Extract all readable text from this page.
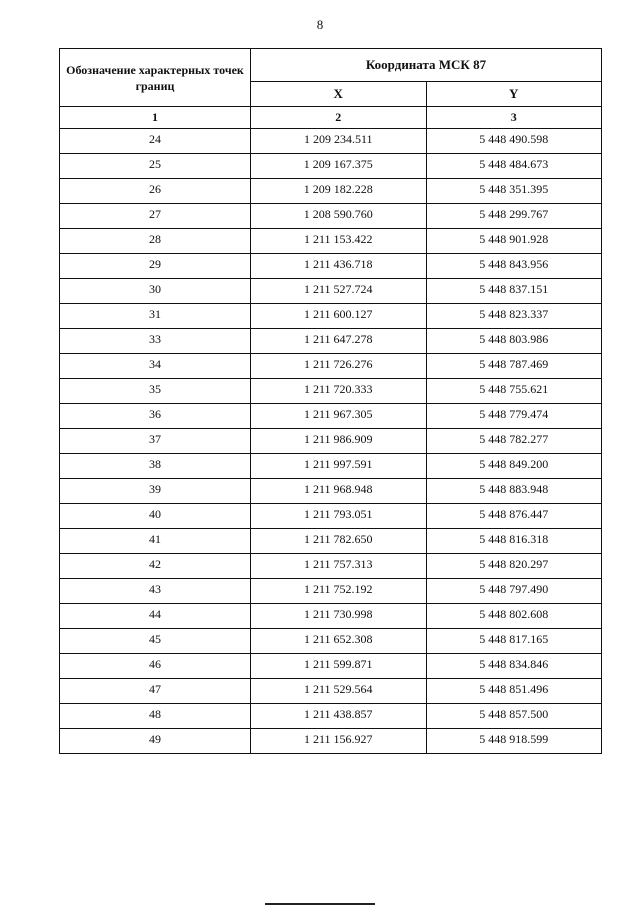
8
Обозначение характерных точек границ	Координата МСК 87	
	X	Y
1	2	3
24	1 209 234.511	5 448 490.598
25	1 209 167.375	5 448 484.673
26	1 209 182.228	5 448 351.395
27	1 208 590.760	5 448 299.767
28	1 211 153.422	5 448 901.928
29	1 211 436.718	5 448 843.956
30	1 211 527.724	5 448 837.151
31	1 211 600.127	5 448 823.337
33	1 211 647.278	5 448 803.986
34	1 211 726.276	5 448 787.469
35	1 211 720.333	5 448 755.621
36	1 211 967.305	5 448 779.474
37	1 211 986.909	5 448 782.277
38	1 211 997.591	5 448 849.200
39	1 211 968.948	5 448 883.948
40	1 211 793.051	5 448 876.447
41	1 211 782.650	5 448 816.318
42	1 211 757.313	5 448 820.297
43	1 211 752.192	5 448 797.490
44	1 211 730.998	5 448 802.608
45	1 211 652.308	5 448 817.165
46	1 211 599.871	5 448 834.846
47	1 211 529.564	5 448 851.496
48	1 211 438.857	5 448 857.500
49	1 211 156.927	5 448 918.599
